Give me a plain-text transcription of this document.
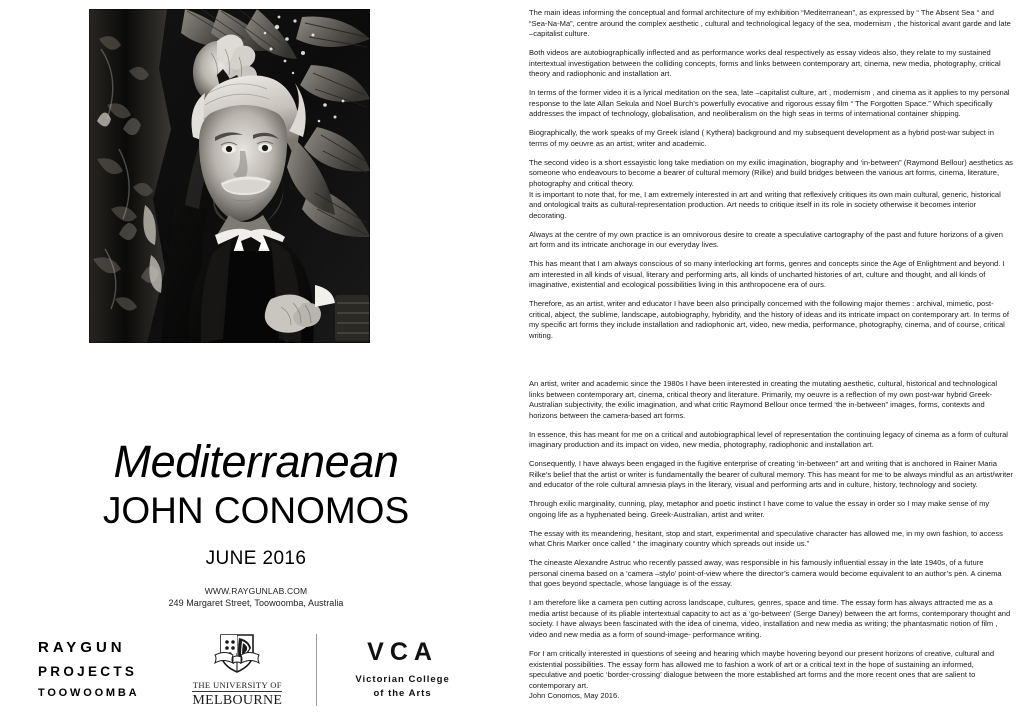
Mediterranean
JOHN CONOMOS
JUNE 2016
WWW.RAYGUNLAB.COM
249 Margaret Street, Toowoomba, Australia
RAYGUN
PROJECTS
TOOWOOMBA
THE UNIVERSITY OF
MELBOURNE
VCA
Victorian College
of the Arts

The main ideas informing the conceptual and formal architecture of my exhibition “Mediterranean”, as expressed by “ The Absent Sea “ and “Sea-Na-Ma”, centre around the complex aesthetic , cultural and technological legacy of the sea, modernism , the historical avant garde and late –capitalist culture.

Both videos are autobiographically inflected and as performance works deal respectively as essay videos also, they relate to my sustained intertextual investigation between the colliding concepts, forms and links between contemporary art, cinema, new media, photography, critical theory and radiophonic and installation art.

In terms of the former video it is a lyrical meditation on the sea, late –capitalist culture, art , modernism , and cinema as it applies to my personal response to the late Allan Sekula and Noel Burch’s powerfully evocative and rigorous essay film “ The Forgotten Space.” Which specifically addresses the impact of technology, globalisation, and neoliberalism on the high seas in terms of international container shipping.

Biographically, the work speaks of my Greek island ( Kythera) background and my subsequent development as a hybrid post-war subject in terms of my oeuvre as an artist, writer and academic.

The second video is a short essayistic long take mediation on my exilic imagination, biography and ‘in-between” (Raymond Bellour) aesthetics as someone who endeavours to become a bearer of cultural memory (Rilke) and build bridges between the various art forms, cinema, literature, photography and critical theory.

It is important to note that, for me, I am extremely interested in art and writing that reflexively critiques its own main cultural, generic, historical and ontological traits as cultural-representation production. Art needs to critique itself in its role in society otherwise it becomes interior decorating.

Always at the centre of my own practice is an omnivorous desire to create a speculative cartography of the past and future horizons of a given art form and its intricate anchorage in our everyday lives.

This has meant that I am always conscious of so many interlocking art forms, genres and concepts since the Age of Enlightment and beyond. I am interested in all kinds of visual, literary and performing arts, all kinds of uncharted histories of art, culture and thought, and all kinds of imaginative, existential and ecological possibilities living in this anthropocene era of ours.

Therefore, as an artist, writer and educator I have been also principally concerned with the following major themes : archival, mimetic, post-critical, abject, the sublime, landscape, autobiography, hybridity, and the history of ideas and its intricate impact on contemporary art. In terms of my specific art forms they include installation and radiophonic art, video, new media, performance, photography, cinema, and of course, critical writing.

An artist, writer and academic since the 1980s I have been interested in creating the mutating aesthetic, cultural, historical and technological links between contemporary art, cinema, critical theory and literature. Primarily, my oeuvre is a reflection of my own post-war hybrid Greek-Australian subjectivity, the exilic imagination, and what critic Raymond Bellour once termed ‘the in-between” images, forms, contexts and horizons between the camera-based art forms.

In essence, this has meant for me on a critical and autobiographical level of representation the continuing legacy of cinema as a form of cultural imaginary production and its impact on video, new media, photography, radiophonic and installation art.

Consequently, I have always been engaged in the fugitive enterprise of creating ‘in-between” art and writing that is anchored in Rainer Maria Rilke’s belief that the artist or writer is fundamentally the bearer of cultural memory. This has meant for me to be always mindful as an artist/writer and educator of the role cultural amnesia plays in the literary, visual and performing arts and in culture, history, technology and society.

Through exilic marginality, cunning, play, metaphor and poetic instinct I have come to value the essay in order so I may make sense of my ongoing life as a hyphenated being. Greek-Australian, artist and writer.

The essay with its meandering, hesitant, stop and start, experimental and speculative character has allowed me, in my own fashion, to access what Chris Marker once called “ the imaginary country which spreads out inside us.”

The cineaste Alexandre Astruc who recently passed away, was responsible in his famously influential essay in the late 1940s, of a future personal cinema based on a ‘camera –stylo’ point-of-view where the director’s camera would become equivalent to an author’s pen. A cinema that goes beyond spectacle, whose language is of the essay.

I am therefore like a camera pen cutting across landscape, cultures, genres, space and time. The essay form has always attracted me as a media artist because of its pliable intertextual capacity to act as a ‘go-between’ (Serge Daney) between the art forms, contemporary thought and society. I have always been fascinated with the idea of cinema, video, installation and new media as writing; the phantasmatic notion of film , video and new media as a form of sound-image- performance writing.

For I am critically interested in questions of seeing and hearing which maybe hovering beyond our present horizons of creative, cultural and existential possibilities. The essay form has allowed me to fashion a work of art or a critical text in the hope of sustaining an informed, speculative and poetic ‘border-crossing’ dialogue between the more established art forms and the more recent ones that are salient to contemporary art.

John Conomos, May 2016.
